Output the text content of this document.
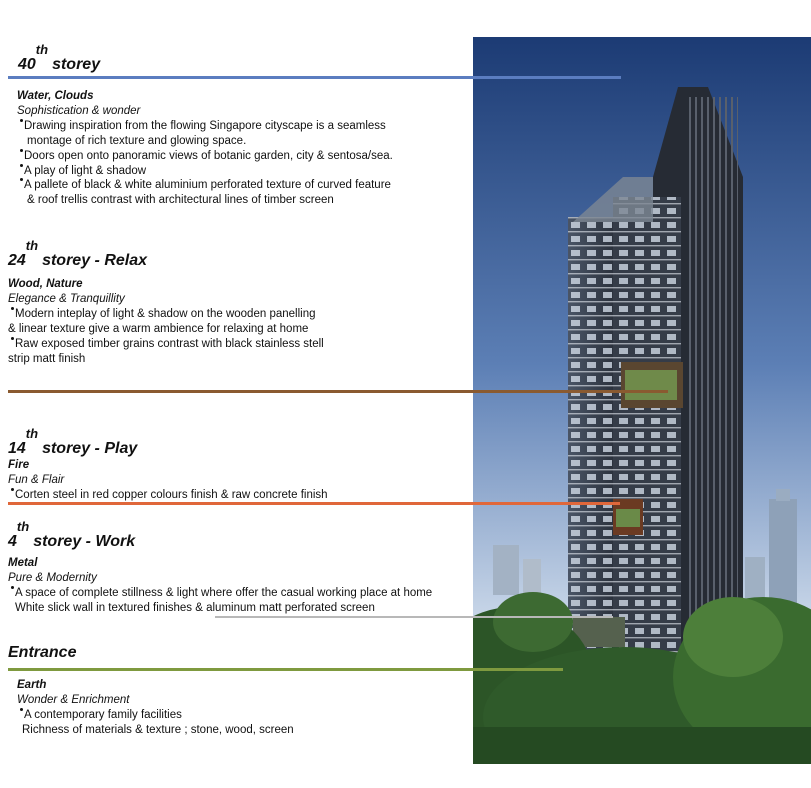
40thstorey
Water, Clouds
Sophistication & wonder
Drawing inspiration from the flowing Singapore cityscape is a seamless
montage of rich texture and glowing space.
Doors open onto panoramic views of botanic garden, city & sentosa/sea.
A play of light & shadow
A pallete of black & white aluminium perforated texture of curved feature
& roof trellis contrast with architectural lines of timber screen
24thstorey - Relax
Wood, Nature
Elegance & Tranquillity
Modern inteplay of light & shadow on the wooden panelling
& linear texture give a warm ambience for relaxing at home
Raw exposed timber grains contrast with black stainless stell
strip matt finish
14thstorey - Play
Fire
Fun & Flair
Corten steel in red copper colours finish & raw concrete finish
4thstorey - Work
Metal
Pure & Modernity
A space of complete stillness & light where offer the casual working place at home
White slick wall in textured finishes & aluminum matt perforated screen
Entrance
Earth
Wonder & Enrichment
A contemporary family facilities
Richness of materials & texture ; stone, wood, screen
